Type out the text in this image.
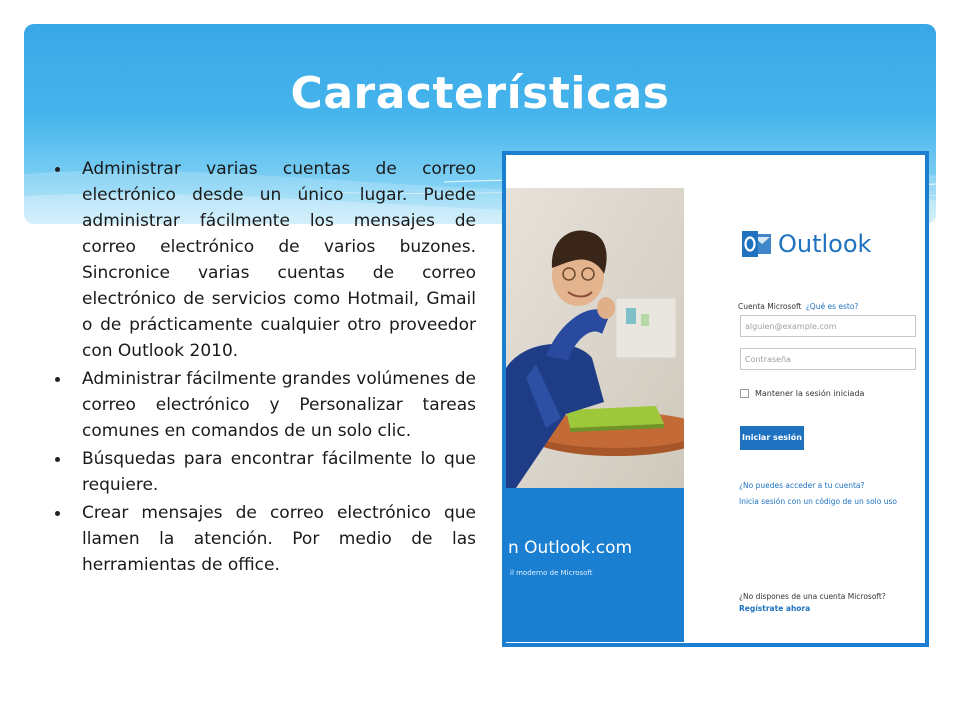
Características
Administrar varias cuentas de correo electrónico desde un único lugar. Puede administrar fácilmente los mensajes de correo electrónico de varios buzones. Sincronice varias cuentas de correo electrónico de servicios como Hotmail, Gmail o de prácticamente cualquier otro proveedor con Outlook 2010.
Administrar fácilmente grandes volúmenes de correo electrónico y Personalizar tareas comunes en comandos de un solo clic.
Búsquedas para encontrar fácilmente lo que requiere.
Crear mensajes de correo electrónico que llamen la atención. Por medio de las herramientas de office.
n Outlook.com
il moderno de Microsoft
Outlook
Cuenta Microsoft ¿Qué es esto?
alguien@example.com
Contraseña
Mantener la sesión iniciada
Iniciar sesión
¿No puedes acceder a tu cuenta?
Inicia sesión con un código de un solo uso
¿No dispones de una cuenta Microsoft? Regístrate ahora
